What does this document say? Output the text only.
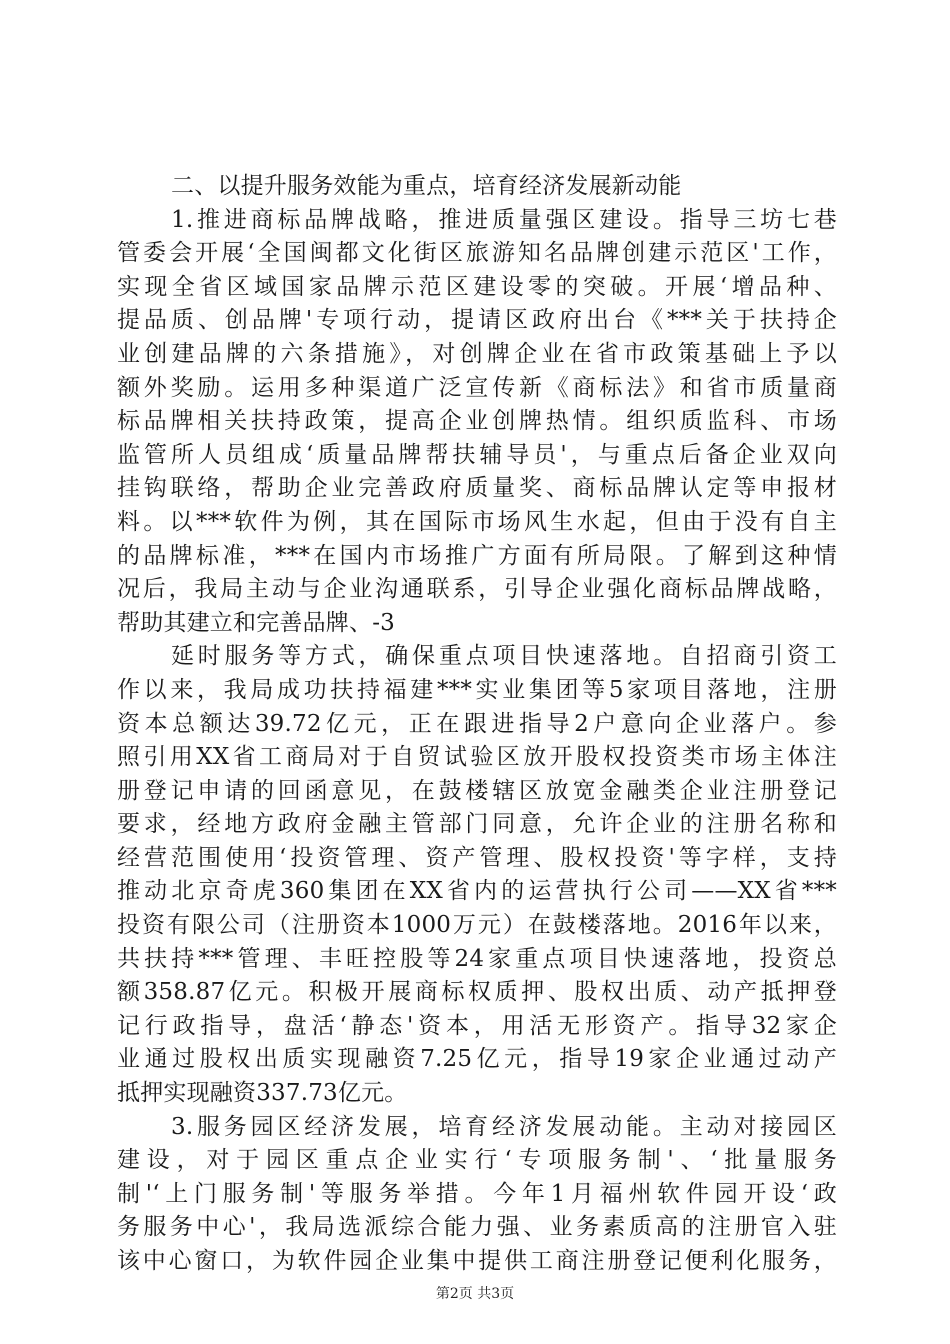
二、以提升服务效能为重点，培育经济发展新动能
1.推进商标品牌战略，推进质量强区建设。指导三坊七巷
管委会开展‘全国闽都文化街区旅游知名品牌创建示范区'工作，
实现全省区域国家品牌示范区建设零的突破。开展‘增品种、
提品质、创品牌'专项行动，提请区政府出台《***关于扶持企
业创建品牌的六条措施》，对创牌企业在省市政策基础上予以
额外奖励。运用多种渠道广泛宣传新《商标法》和省市质量商
标品牌相关扶持政策，提高企业创牌热情。组织质监科、市场
监管所人员组成‘质量品牌帮扶辅导员'，与重点后备企业双向
挂钩联络，帮助企业完善政府质量奖、商标品牌认定等申报材
料。以***软件为例，其在国际市场风生水起，但由于没有自主
的品牌标准，***在国内市场推广方面有所局限。了解到这种情
况后，我局主动与企业沟通联系，引导企业强化商标品牌战略，
帮助其建立和完善品牌、-3
延时服务等方式，确保重点项目快速落地。自招商引资工
作以来，我局成功扶持福建***实业集团等5家项目落地，注册
资本总额达39.72亿元，正在跟进指导2户意向企业落户。参
照引用XX省工商局对于自贸试验区放开股权投资类市场主体注
册登记申请的回函意见，在鼓楼辖区放宽金融类企业注册登记
要求，经地方政府金融主管部门同意，允许企业的注册名称和
经营范围使用‘投资管理、资产管理、股权投资'等字样，支持
推动北京奇虎360集团在XX省内的运营执行公司——XX省***
投资有限公司（注册资本1000万元）在鼓楼落地。2016年以来，
共扶持***管理、丰旺控股等24家重点项目快速落地，投资总
额358.87亿元。积极开展商标权质押、股权出质、动产抵押登
记行政指导，盘活‘静态'资本，用活无形资产。指导32家企
业通过股权出质实现融资7.25亿元，指导19家企业通过动产
抵押实现融资337.73亿元。
3.服务园区经济发展，培育经济发展动能。主动对接园区
建设，对于园区重点企业实行‘专项服务制'、‘批量服务
制'‘上门服务制'等服务举措。今年1月福州软件园开设‘政
务服务中心'，我局选派综合能力强、业务素质高的注册官入驻
该中心窗口，为软件园企业集中提供工商注册登记便利化服务，
第2页 共3页
